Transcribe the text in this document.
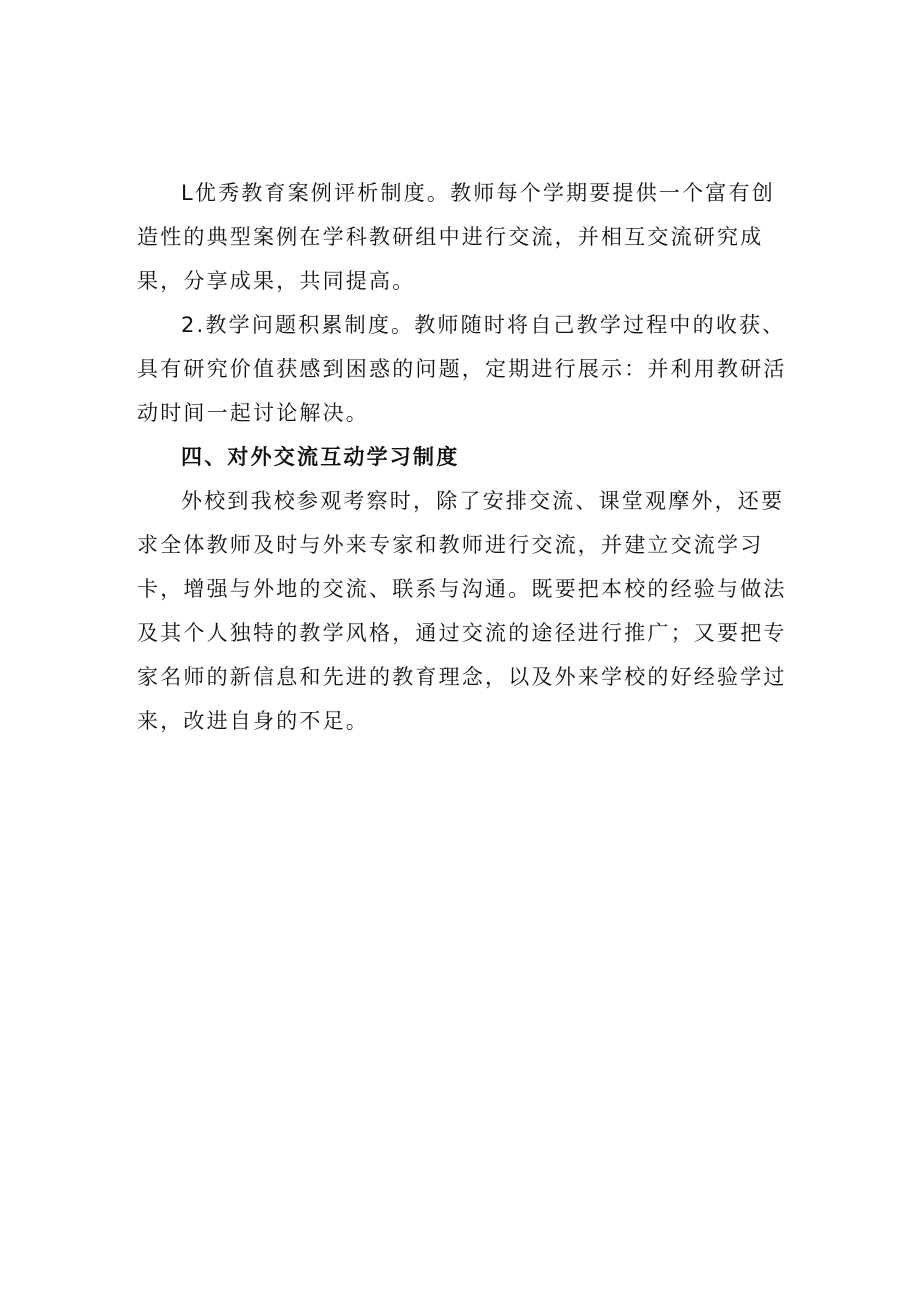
L优秀教育案例评析制度。教师每个学期要提供一个富有创造性的典型案例在学科教研组中进行交流，并相互交流研究成果，分享成果，共同提高。

2.教学问题积累制度。教师随时将自己教学过程中的收获、具有研究价值获感到困惑的问题，定期进行展示：并利用教研活动时间一起讨论解决。

四、对外交流互动学习制度

外校到我校参观考察时，除了安排交流、课堂观摩外，还要求全体教师及时与外来专家和教师进行交流，并建立交流学习卡，增强与外地的交流、联系与沟通。既要把本校的经验与做法及其个人独特的教学风格，通过交流的途径进行推广；又要把专家名师的新信息和先进的教育理念，以及外来学校的好经验学过来，改进自身的不足。
